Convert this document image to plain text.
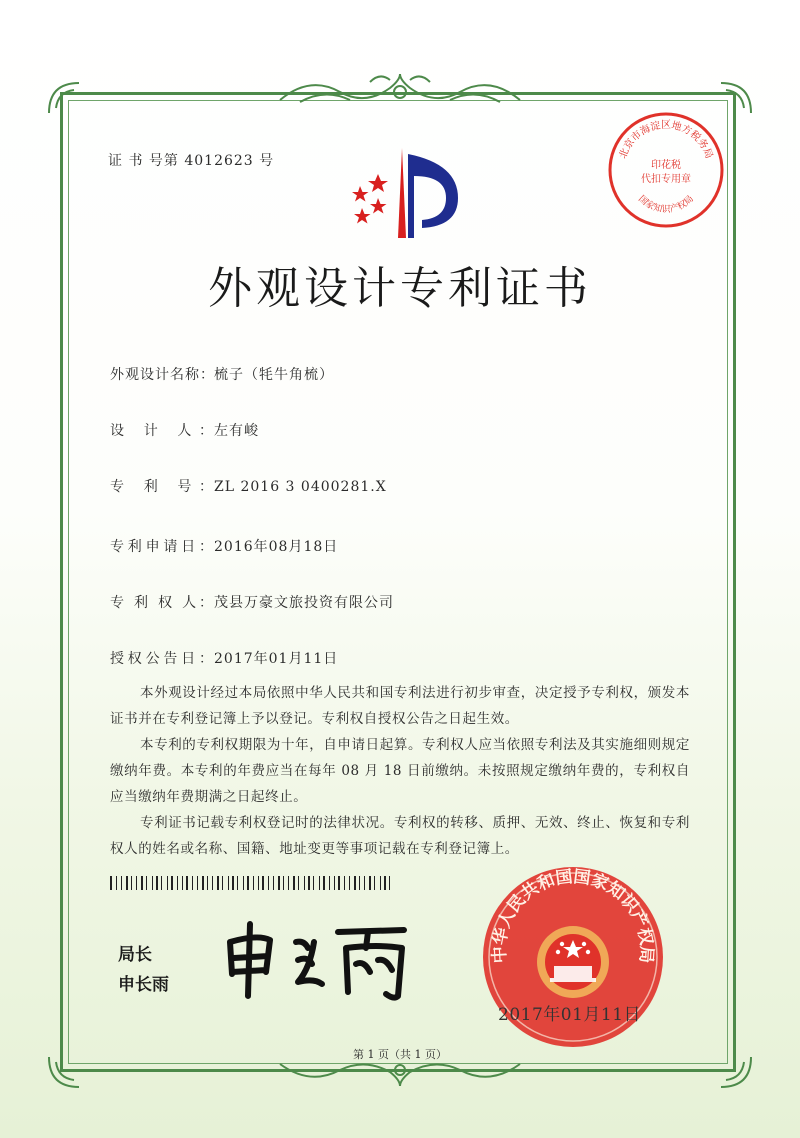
证 书 号第 4012623 号	北京市海淀区地方税务局
印花税
代扣专用章
国家知识产权局
外观设计专利证书
外观设计名称：梳子（牦牛角梳）
设 计 人：左有峻
专 利 号：ZL 2016 3 0400281.X
专利申请日：2016年08月18日
专 利 权 人：茂县万豪文旅投资有限公司
授权公告日：2017年01月11日

本外观设计经过本局依照中华人民共和国专利法进行初步审查，决定授予专利权，颁发本证书并在专利登记簿上予以登记。专利权自授权公告之日起生效。

本专利的专利权期限为十年，自申请日起算。专利权人应当依照专利法及其实施细则规定缴纳年费。本专利的年费应当在每年 08 月 18 日前缴纳。未按照规定缴纳年费的，专利权自应当缴纳年费期满之日起终止。

专利证书记载专利权登记时的法律状况。专利权的转移、质押、无效、终止、恢复和专利权人的姓名或名称、国籍、地址变更等事项记载在专利登记簿上。

局长
申长雨
中华人民共和国国家知识产权局
2017年01月11日
第 1 页（共 1 页）
